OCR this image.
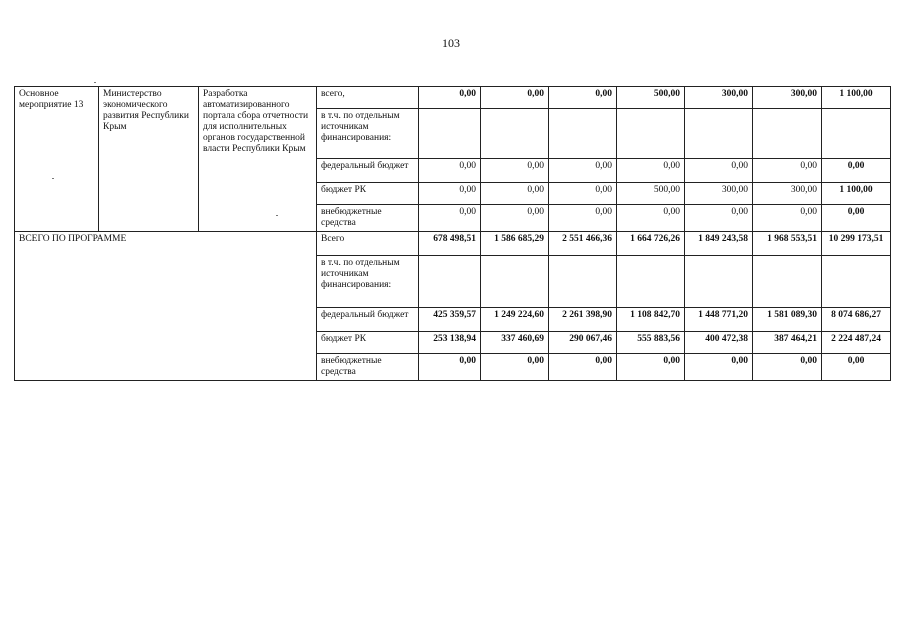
103
Основное мероприятие 13	Министерство экономического развития Республики Крым	Разработка автоматизированного портала сбора отчетности для исполнительных органов государственной власти Республики Крым	всего,	0,00	0,00	0,00	500,00	300,00	300,00	1 100,00
			в т.ч. по отдельным источникам финансирования:							
			федеральный бюджет	0,00	0,00	0,00	0,00	0,00	0,00	0,00
			бюджет РК	0,00	0,00	0,00	500,00	300,00	300,00	1 100,00
			внебюджетные средства	0,00	0,00	0,00	0,00	0,00	0,00	0,00
ВСЕГО ПО ПРОГРАММЕ			Всего	678 498,51	1 586 685,29	2 551 466,36	1 664 726,26	1 849 243,58	1 968 553,51	10 299 173,51
			в т.ч. по отдельным источникам финансирования:							
			федеральный бюджет	425 359,57	1 249 224,60	2 261 398,90	1 108 842,70	1 448 771,20	1 581 089,30	8 074 686,27
			бюджет РК	253 138,94	337 460,69	290 067,46	555 883,56	400 472,38	387 464,21	2 224 487,24
			внебюджетные средства	0,00	0,00	0,00	0,00	0,00	0,00	0,00
